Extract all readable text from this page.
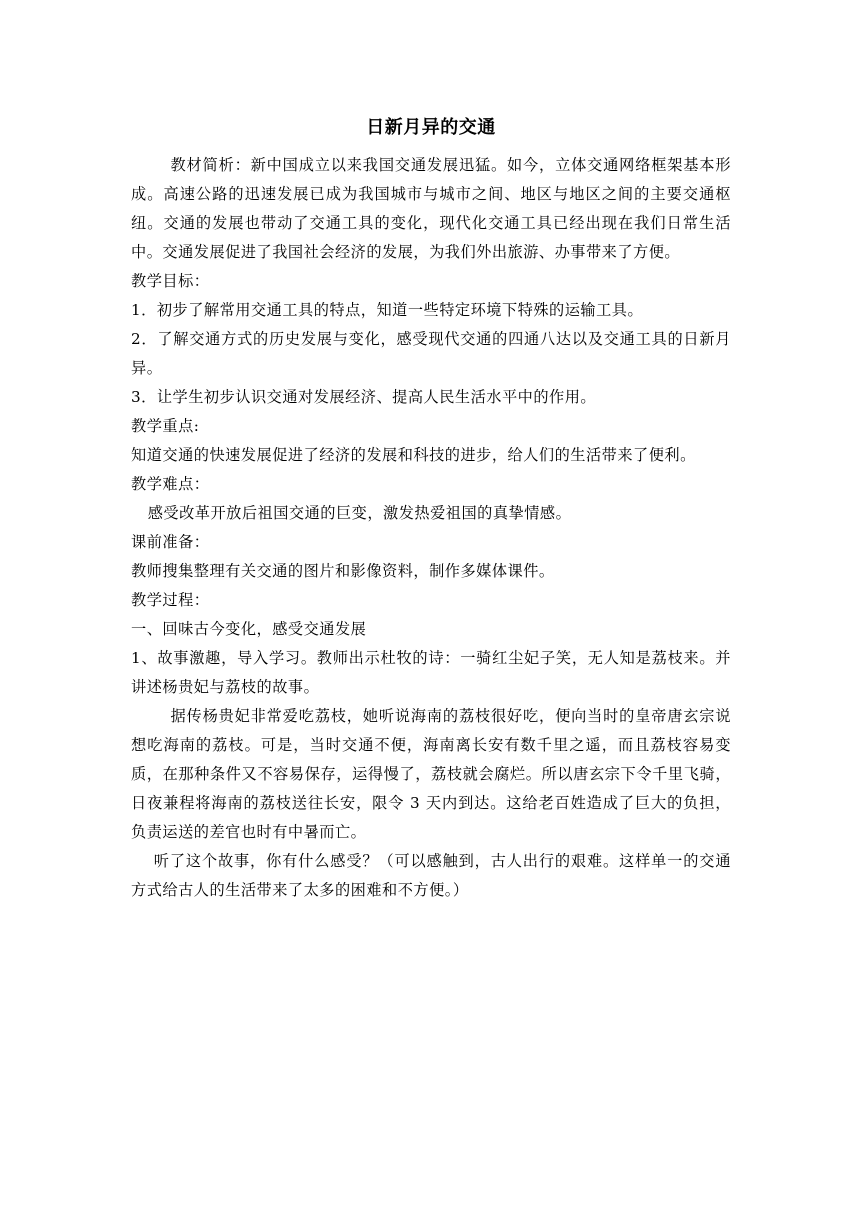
日新月异的交通

教材简析：新中国成立以来我国交通发展迅猛。如今，立体交通网络框架基本形成。高速公路的迅速发展已成为我国城市与城市之间、地区与地区之间的主要交通枢纽。交通的发展也带动了交通工具的变化，现代化交通工具已经出现在我们日常生活中。交通发展促进了我国社会经济的发展，为我们外出旅游、办事带来了方便。

教学目标：

1．初步了解常用交通工具的特点，知道一些特定环境下特殊的运输工具。

2．了解交通方式的历史发展与变化，感受现代交通的四通八达以及交通工具的日新月异。

3．让学生初步认识交通对发展经济、提高人民生活水平中的作用。

教学重点:

知道交通的快速发展促进了经济的发展和科技的进步，给人们的生活带来了便利。

教学难点：

感受改革开放后祖国交通的巨变，激发热爱祖国的真挚情感。

课前准备：

教师搜集整理有关交通的图片和影像资料，制作多媒体课件。

教学过程：

一、回味古今变化，感受交通发展

1、故事激趣，导入学习。教师出示杜牧的诗：一骑红尘妃子笑，无人知是荔枝来。并讲述杨贵妃与荔枝的故事。

据传杨贵妃非常爱吃荔枝，她听说海南的荔枝很好吃，便向当时的皇帝唐玄宗说想吃海南的荔枝。可是，当时交通不便，海南离长安有数千里之遥，而且荔枝容易变质，在那种条件又不容易保存，运得慢了，荔枝就会腐烂。所以唐玄宗下令千里飞骑，日夜兼程将海南的荔枝送往长安，限令 3 天内到达。这给老百姓造成了巨大的负担，负责运送的差官也时有中暑而亡。

听了这个故事，你有什么感受？（可以感触到，古人出行的艰难。这样单一的交通方式给古人的生活带来了太多的困难和不方便。）
